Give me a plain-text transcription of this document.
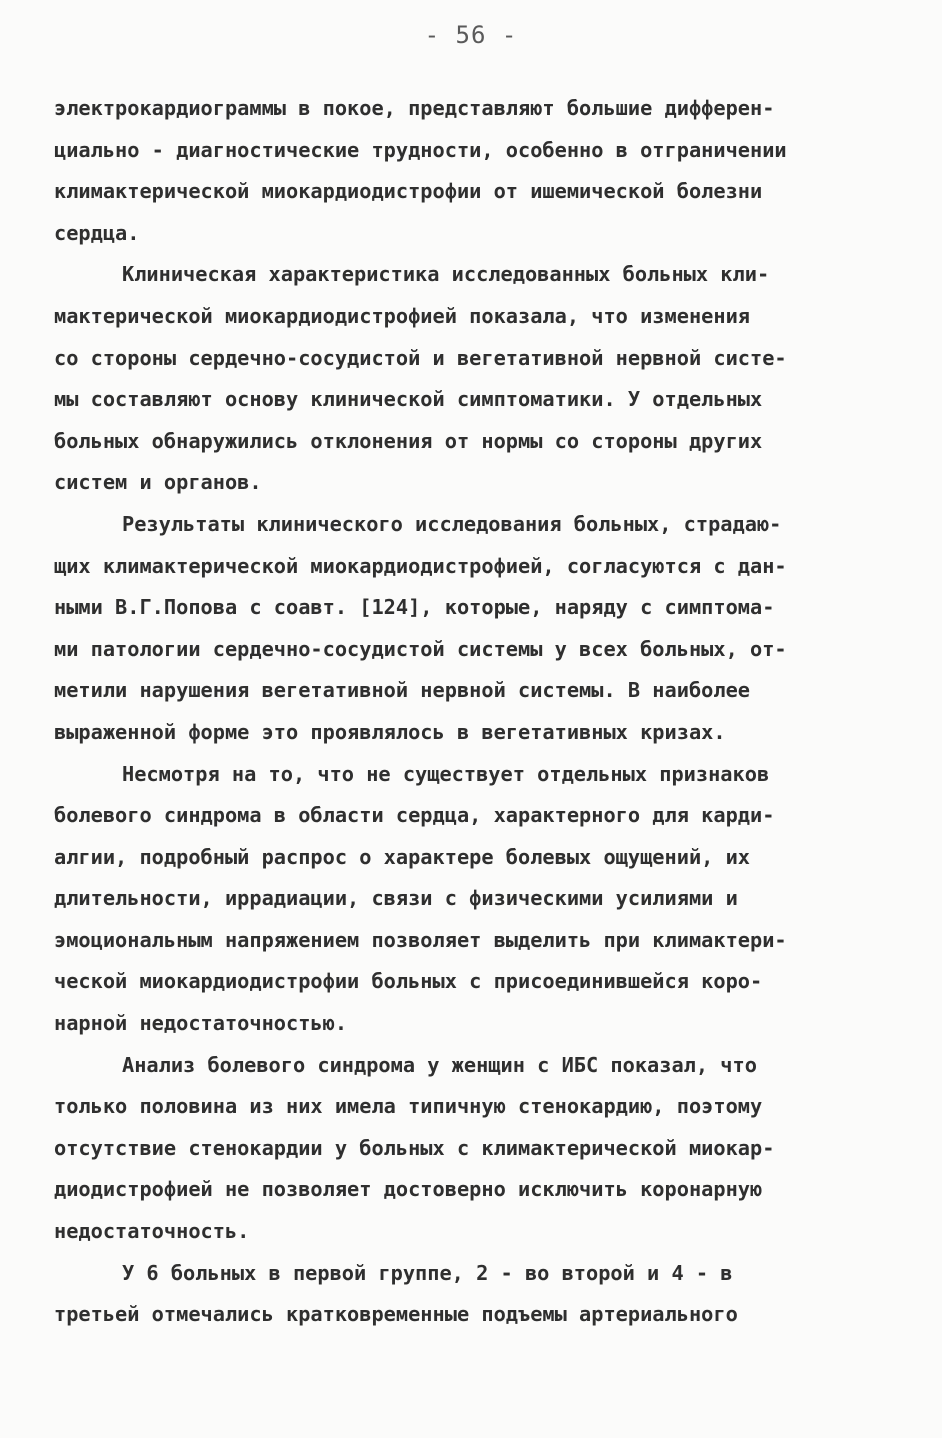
- 56 -
электрокардиограммы в покое, представляют большие дифферен-
циально - диагностические трудности, особенно в отграничении
климактерической миокардиодистрофии от ишемической болезни
сердца.
Клиническая характеристика исследованных больных кли-
мактерической миокардиодистрофией показала, что изменения
со стороны сердечно-сосудистой и вегетативной нервной систе-
мы составляют основу клинической симптоматики. У отдельных
больных обнаружились отклонения от нормы со стороны других
систем и органов.
Результаты клинического исследования больных, страдаю-
щих климактерической миокардиодистрофией, согласуются с дан-
ными В.Г.Попова с соавт. [124], которые, наряду с симптома-
ми патологии сердечно-сосудистой системы у всех больных, от-
метили нарушения вегетативной нервной системы. В наиболее
выраженной форме это проявлялось в вегетативных кризах.
Несмотря на то, что не существует отдельных признаков
болевого синдрома в области сердца, характерного для карди-
алгии, подробный распрос о характере болевых ощущений, их
длительности, иррадиации, связи с физическими усилиями и
эмоциональным напряжением позволяет выделить при климактери-
ческой миокардиодистрофии больных с присоединившейся коро-
нарной недостаточностью.
Анализ болевого синдрома у женщин с ИБС показал, что
только половина из них имела типичную стенокардию, поэтому
отсутствие стенокардии у больных с климактерической миокар-
диодистрофией не позволяет достоверно исключить коронарную
недостаточность.
У 6 больных в первой группе, 2 - во второй и 4 - в
третьей отмечались кратковременные подъемы артериального
